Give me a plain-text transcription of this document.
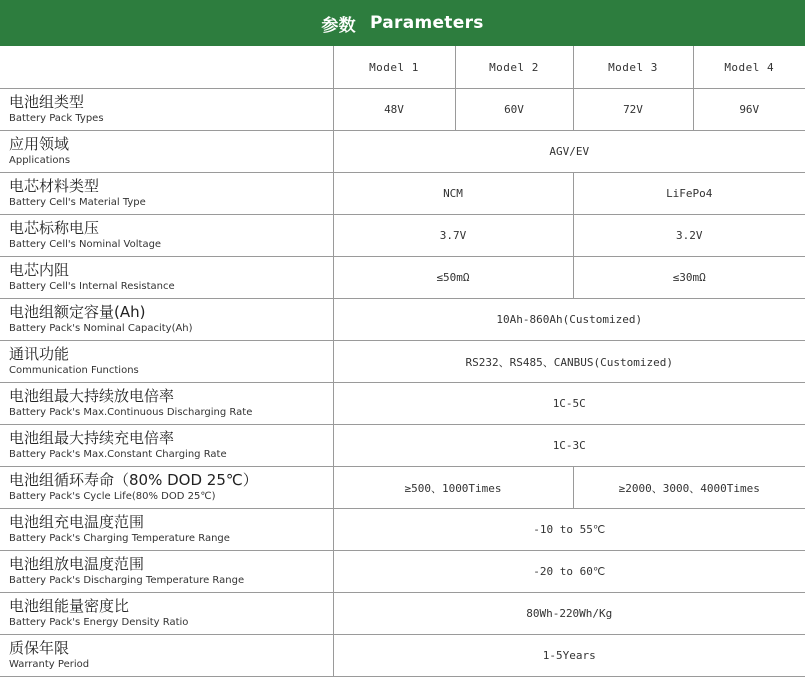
参数 Parameters
	Model 1	Model 2	Model 3	Model 4

电池组类型
Battery Pack Types	48V	60V	72V	96V

应用领域
Applications	AGV/EV			

电芯材料类型
Battery Cell's Material Type	NCM		LiFePo4	

电芯标称电压
Battery Cell's Nominal Voltage	3.7V		3.2V	

电芯内阻
Battery Cell's Internal Resistance	≤50mΩ		≤30mΩ	

电池组额定容量(Ah)
Battery Pack's Nominal Capacity(Ah)	10Ah-860Ah(Customized)			

通讯功能
Communication Functions	RS232、RS485、CANBUS(Customized)			

电池组最大持续放电倍率
Battery Pack's Max.Continuous Discharging Rate	1C-5C			

电池组最大持续充电倍率
Battery Pack's Max.Constant Charging Rate	1C-3C			

电池组循环寿命（80% DOD 25℃）
Battery Pack's Cycle Life(80% DOD 25℃)	≥500、1000Times		≥2000、3000、4000Times	

电池组充电温度范围
Battery Pack's Charging Temperature Range	-10 to 55℃			

电池组放电温度范围
Battery Pack's Discharging Temperature Range	-20 to 60℃			

电池组能量密度比
Battery Pack's Energy Density Ratio	80Wh-220Wh/Kg			

质保年限
Warranty Period	1-5Years			
